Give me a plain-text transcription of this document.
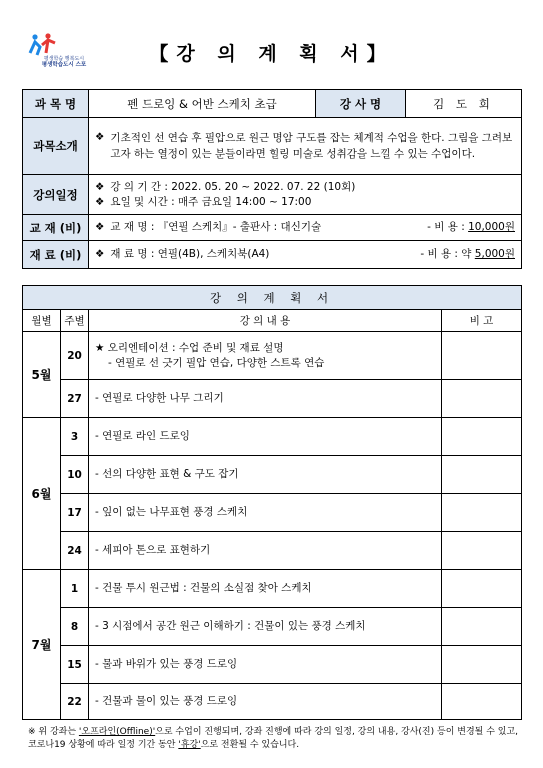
평생학습 행복도시
평생학습도시 스포	【강 의 계 획 서】
과 목 명	펜 드로잉 & 어반 스케치 초급	강 사 명	김 도 희
과목소개	❖ 기초적인 선 연습 후 필압으로 원근 명암 구도를 잡는 체계적 수업을 한다. 그림을 그려보고자 하는 열정이 있는 분들이라면 힐링 미술로 성취감을 느낄 수 있는 수업이다.		

강의일정	❖ 강 의 기 간 : 2022. 05. 20 ~ 2022. 07. 22 (10회)
❖ 요일 및 시간 : 매주 금요일 14:00 ~ 17:00		

교 재 (비)	❖ 교 재 명 : 『연필 스케치』- 출판사 : 대신기술 - 비 용 : 10,000원		

재 료 (비)	❖ 재 료 명 : 연필(4B), 스케치북(A4) - 비 용 : 약 5,000원		
강 의 계 획 서			
월별	주별	강 의 내 용	비 고
5월	20	★ 오리엔테이션 : 수업 준비 및 재료 설명
- 연필로 선 긋기 필압 연습, 다양한 스트록 연습	

	27	- 연필로 다양한 나무 그리기	
6월	3	- 연필로 라인 드로잉	
	10	- 선의 다양한 표현 & 구도 잡기	
	17	- 잎이 없는 나무표현 풍경 스케치	
	24	- 세피아 톤으로 표현하기	
7월	1	- 건물 투시 원근법 : 건물의 소실점 찾아 스케치	
	8	- 3 시점에서 공간 원근 이해하기 : 건물이 있는 풍경 스케치	
	15	- 물과 바위가 있는 풍경 드로잉	
	22	- 건물과 물이 있는 풍경 드로잉	
※ 위 강좌는 '오프라인(Offline)'으로 수업이 진행되며, 강좌 진행에 따라 강의 일정, 강의 내용, 강사(진) 등이 변경될 수 있고, 코로나19 상황에 따라 일정 기간 동안 '휴강'으로 전환될 수 있습니다.
